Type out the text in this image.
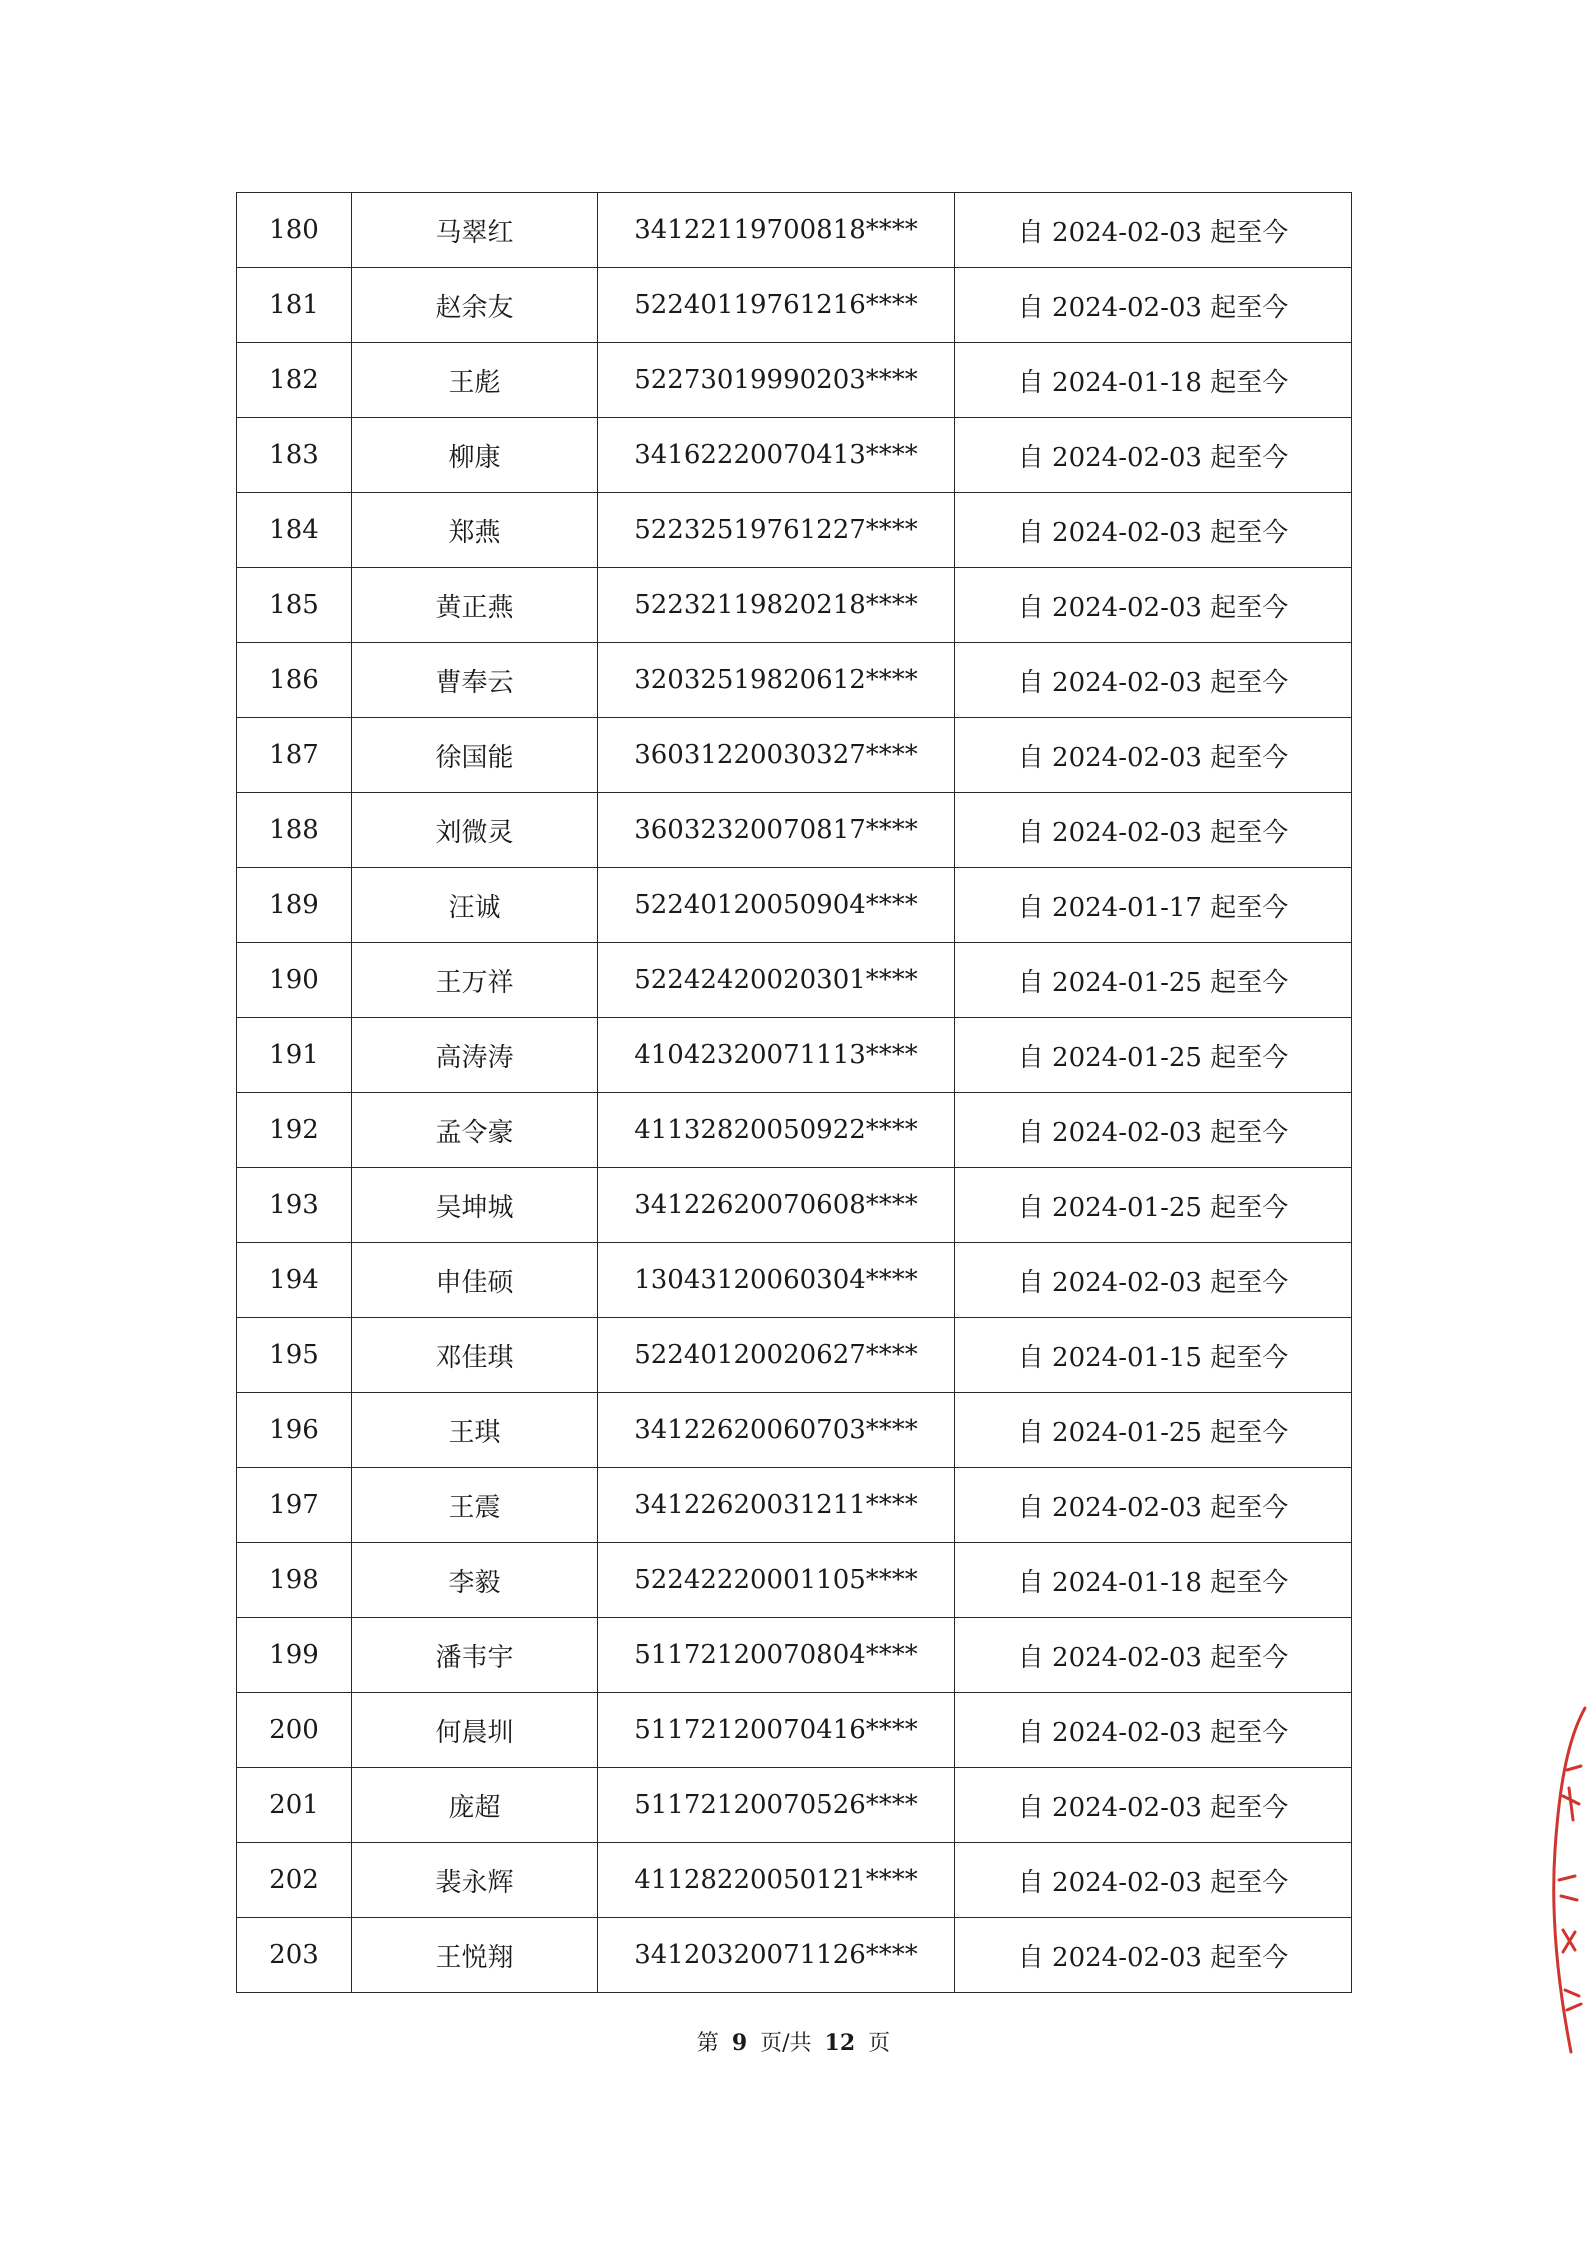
180	马翠红	34122119700818****	自 2024-02-03 起至今
181	赵余友	52240119761216****	自 2024-02-03 起至今
182	王彪	52273019990203****	自 2024-01-18 起至今
183	柳康	34162220070413****	自 2024-02-03 起至今
184	郑燕	52232519761227****	自 2024-02-03 起至今
185	黄正燕	52232119820218****	自 2024-02-03 起至今
186	曹奉云	32032519820612****	自 2024-02-03 起至今
187	徐国能	36031220030327****	自 2024-02-03 起至今
188	刘微灵	36032320070817****	自 2024-02-03 起至今
189	汪诚	52240120050904****	自 2024-01-17 起至今
190	王万祥	52242420020301****	自 2024-01-25 起至今
191	高涛涛	41042320071113****	自 2024-01-25 起至今
192	孟令豪	41132820050922****	自 2024-02-03 起至今
193	吴坤城	34122620070608****	自 2024-01-25 起至今
194	申佳硕	13043120060304****	自 2024-02-03 起至今
195	邓佳琪	52240120020627****	自 2024-01-15 起至今
196	王琪	34122620060703****	自 2024-01-25 起至今
197	王震	34122620031211****	自 2024-02-03 起至今
198	李毅	52242220001105****	自 2024-01-18 起至今
199	潘韦宇	51172120070804****	自 2024-02-03 起至今
200	何晨圳	51172120070416****	自 2024-02-03 起至今
201	庞超	51172120070526****	自 2024-02-03 起至今
202	裴永辉	41128220050121****	自 2024-02-03 起至今
203	王悦翔	34120320071126****	自 2024-02-03 起至今
第 9 页/共 12 页
